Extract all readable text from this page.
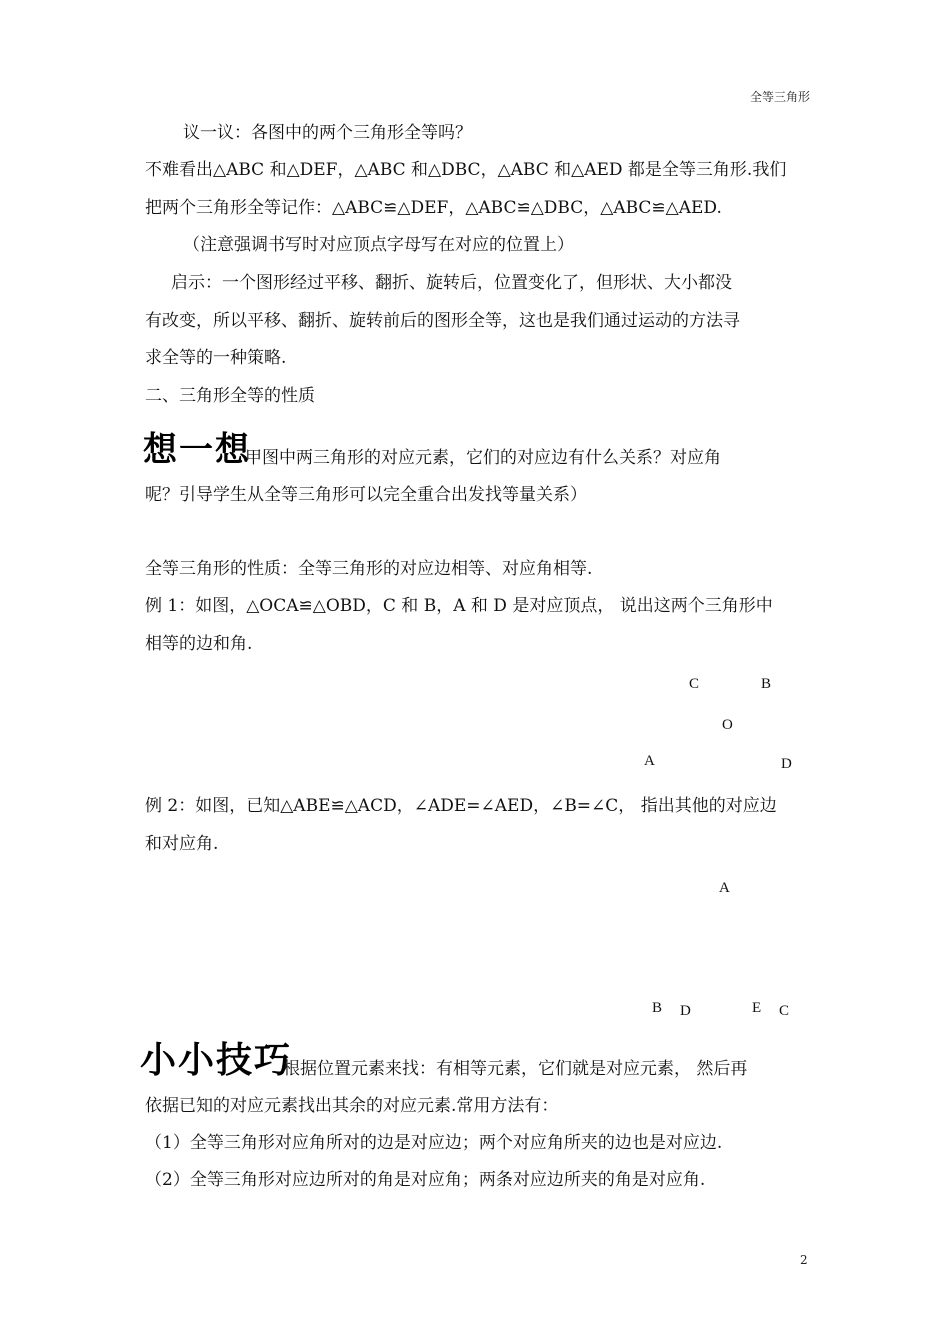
全等三角形
议一议：各图中的两个三角形全等吗？
不难看出△ABC 和△DEF，△ABC 和△DBC，△ABC 和△AED 都是全等三角形.我们
把两个三角形全等记作：△ABC≌△DEF，△ABC≌△DBC，△ABC≌△AED.
（注意强调书写时对应顶点字母写在对应的位置上）
启示：一个图形经过平移、翻折、旋转后，位置变化了，但形状、大小都没
有改变，所以平移、翻折、旋转前后的图形全等，这也是我们通过运动的方法寻
求全等的一种策略.
二、三角形全等的性质
想一想
甲图中两三角形的对应元素，它们的对应边有什么关系？对应角
呢？引导学生从全等三角形可以完全重合出发找等量关系）
全等三角形的性质：全等三角形的对应边相等、对应角相等.
例 1：如图，△OCA≌△OBD，C 和 B，A 和 D 是对应顶点， 说出这两个三角形中
相等的边和角.
C	B
O
A	D
例 2：如图，已知△ABE≌△ACD，∠ADE=∠AED，∠B=∠C， 指出其他的对应边
和对应角.
A
B D	E C
小小技巧
根据位置元素来找：有相等元素，它们就是对应元素， 然后再
依据已知的对应元素找出其余的对应元素.常用方法有：
（1）全等三角形对应角所对的边是对应边；两个对应角所夹的边也是对应边.
（2）全等三角形对应边所对的角是对应角；两条对应边所夹的角是对应角.
2
